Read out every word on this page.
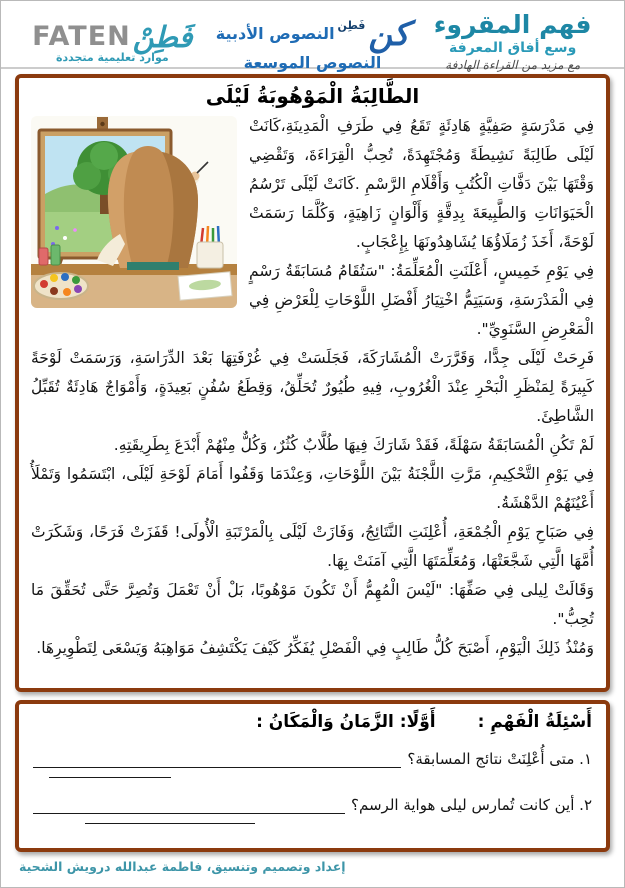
FATEN فَطِنْ
موارد تعليمية متجددة
كن
فَطِن
النصوص الأدبية
النصوص الموسعة
فهم المقروء
وسع أفاق المعرفة
مع مزيد من القراءة الهادفة
الطَّالِبَةُ الْمَوْهُوبَةُ لَيْلَى

فِي مَدْرَسَةٍ صَفِيَّةٍ هَادِئَةٍ تَقَعُ فِي طَرَفِ الْمَدِينَةِ،كَانَتْ لَيْلَى طَالِبَةً نَشِيطَةً وَمُجْتَهِدَةً، تُحِبُّ الْقِرَاءَةَ، وَتَقْضِي وَقْتَهَا بَيْنَ دَفَّاتِ الْكُتُبِ وَأَقْلَامِ الرَّسْمِ .كَانَتْ لَيْلَى تَرْسُمُ الْحَيَوَانَاتِ وَالطَّبِيعَةَ بِدِقَّةٍ وَأَلْوَانٍ زَاهِيَةٍ، وَكُلَّمَا رَسَمَتْ لَوْحَةً، أَخَذَ زُمَلَاؤُهَا يُشَاهِدُونَهَا بِإِعْجَابٍ.

فِي يَوْمِ خَمِيسٍ، أَعْلَنَتِ الْمُعَلِّمَةُ: "سَتُقَامُ مُسَابَقَةُ رَسْمٍ فِي الْمَدْرَسَةِ، وَسَيَتِمُّ اخْتِيَارُ أَفْضَلِ اللَّوْحَاتِ لِلْعَرْضِ فِي الْمَعْرِضِ السَّنَوِيِّ".

فَرِحَتْ لَيْلَى جِدًّا، وَقَرَّرَتْ الْمُشَارَكَةَ، فَجَلَسَتْ فِي غُرْفَتِهَا بَعْدَ الدِّرَاسَةِ، وَرَسَمَتْ لَوْحَةً كَبِيرَةً لِمَنْظَرِ الْبَحْرِ عِنْدَ الْغُرُوبِ، فِيهِ طُيُورٌ تُحَلِّقُ، وَقِطَعُ سُفُنٍ بَعِيدَةٍ، وَأَمْوَاجٌ هَادِئَةٌ تُقَبِّلُ الشَّاطِئَ.

لَمْ تَكُنِ الْمُسَابَقَةُ سَهْلَةً، فَقَدْ شَارَكَ فِيهَا طُلَّابٌ كُثُرٌ، وَكُلٌّ مِنْهُمْ أَبْدَعَ بِطَرِيقَتِهِ.

فِي يَوْمِ التَّحْكِيمِ، مَرَّتِ اللَّجْنَةُ بَيْنَ اللَّوْحَاتِ، وَعِنْدَمَا وَقَفُوا أَمَامَ لَوْحَةِ لَيْلَى، ابْتَسَمُوا وَتَمْلَأُ أَعْيُنَهُمْ الدَّهْشَةُ.

فِي صَبَاحِ يَوْمِ الْجُمْعَةِ، أُعْلِنَتِ النَّتَائِجُ، وَفَازَتْ لَيْلَى بِالْمَرْتَبَةِ الْأُولَى! قَفَزَتْ فَرَحًا، وَشَكَرَتْ أُمَّهَا الَّتِي شَجَّعَتْهَا، وَمُعَلِّمَتَهَا الَّتِي آمَنَتْ بِهَا.

وَقَالَتْ لِيلى فِي صَفِّهَا: "لَيْسَ الْمُهِمُّ أَنْ تَكُونَ مَوْهُوبًا، بَلْ أَنْ تَعْمَلَ وَتُصِرَّ حَتَّى تُحَقِّقَ مَا تُحِبُّ".

وَمُنْذُ ذَلِكَ الْيَوْمِ، أَصْبَحَ كُلُّ طَالِبٍ فِي الْفَصْلِ يُفَكِّرُ كَيْفَ يَكْتَشِفُ مَوَاهِبَهُ وَيَسْعَى لِتَطْوِيرِهَا.

أَسْئِلَةُ الْفَهْمِ :
أَوَّلًا: الزَّمَانُ وَالْمَكَانُ :
١. متى أُعْلِنَتْ نتائج المسابقة؟
٢. أين كانت تُمارس ليلى هواية الرسم؟
إعداد وتصميم وتنسيق، فاطمة عبدالله درويش الشحية
